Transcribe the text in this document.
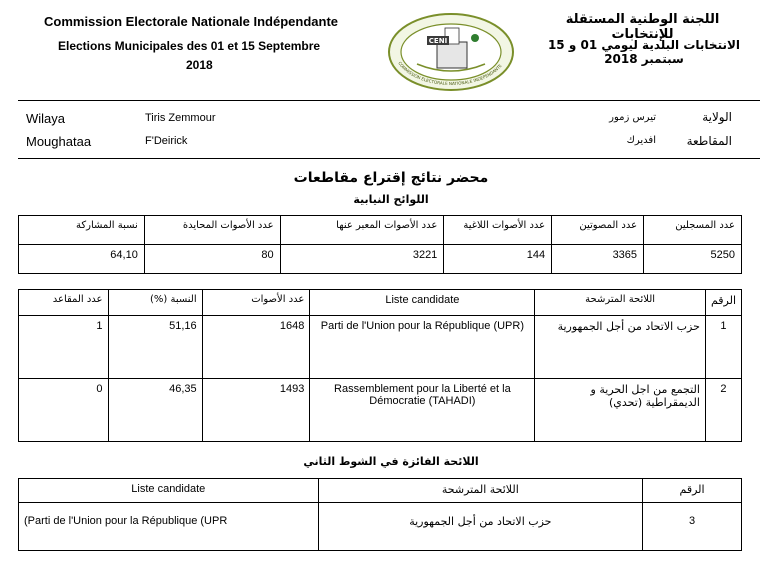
Commission Electorale Nationale Indépendante
Elections Municipales des 01 et 15 Septembre
2018
اللجنة الوطنية المستقلة للإنتخابات
الانتخابات البلدية ليومي 01 و 15 سبتمبر 2018
COMMISSION ELECTORALE NATIONALE INDEPENDANTE
CENI
Wilaya	Tiris Zemmour	تيرس زمور	الولاية
Moughataa	F'Deirick	افديرك	المقاطعة
محضر نتائج إقتراع مقاطعات
اللوائح النيابية
نسبة المشاركة	عدد الأصوات المحايدة	عدد الأصوات المعبر عنها	عدد الأصوات اللاغية	عدد المصوتين	عدد المسجلين
64,10	80	3221	144	3365	5250
عدد المقاعد	النسبة (%)	عدد الأصوات	Liste candidate	اللائحة المترشحة	الرقم
1	51,16	1648	Parti de l'Union pour la République (UPR)	حزب الاتحاد من أجل الجمهورية	1
0	46,35	1493	Rassemblement pour la Liberté et la Démocratie (TAHADI)	التجمع من اجل الحرية و الديمقراطية (تحدي)	2
اللائحة الفائزة في الشوط الثاني
Liste candidate	اللائحة المترشحة	الرقم
(Parti de l'Union pour la République (UPR	حزب الاتحاد من أجل الجمهورية	3
